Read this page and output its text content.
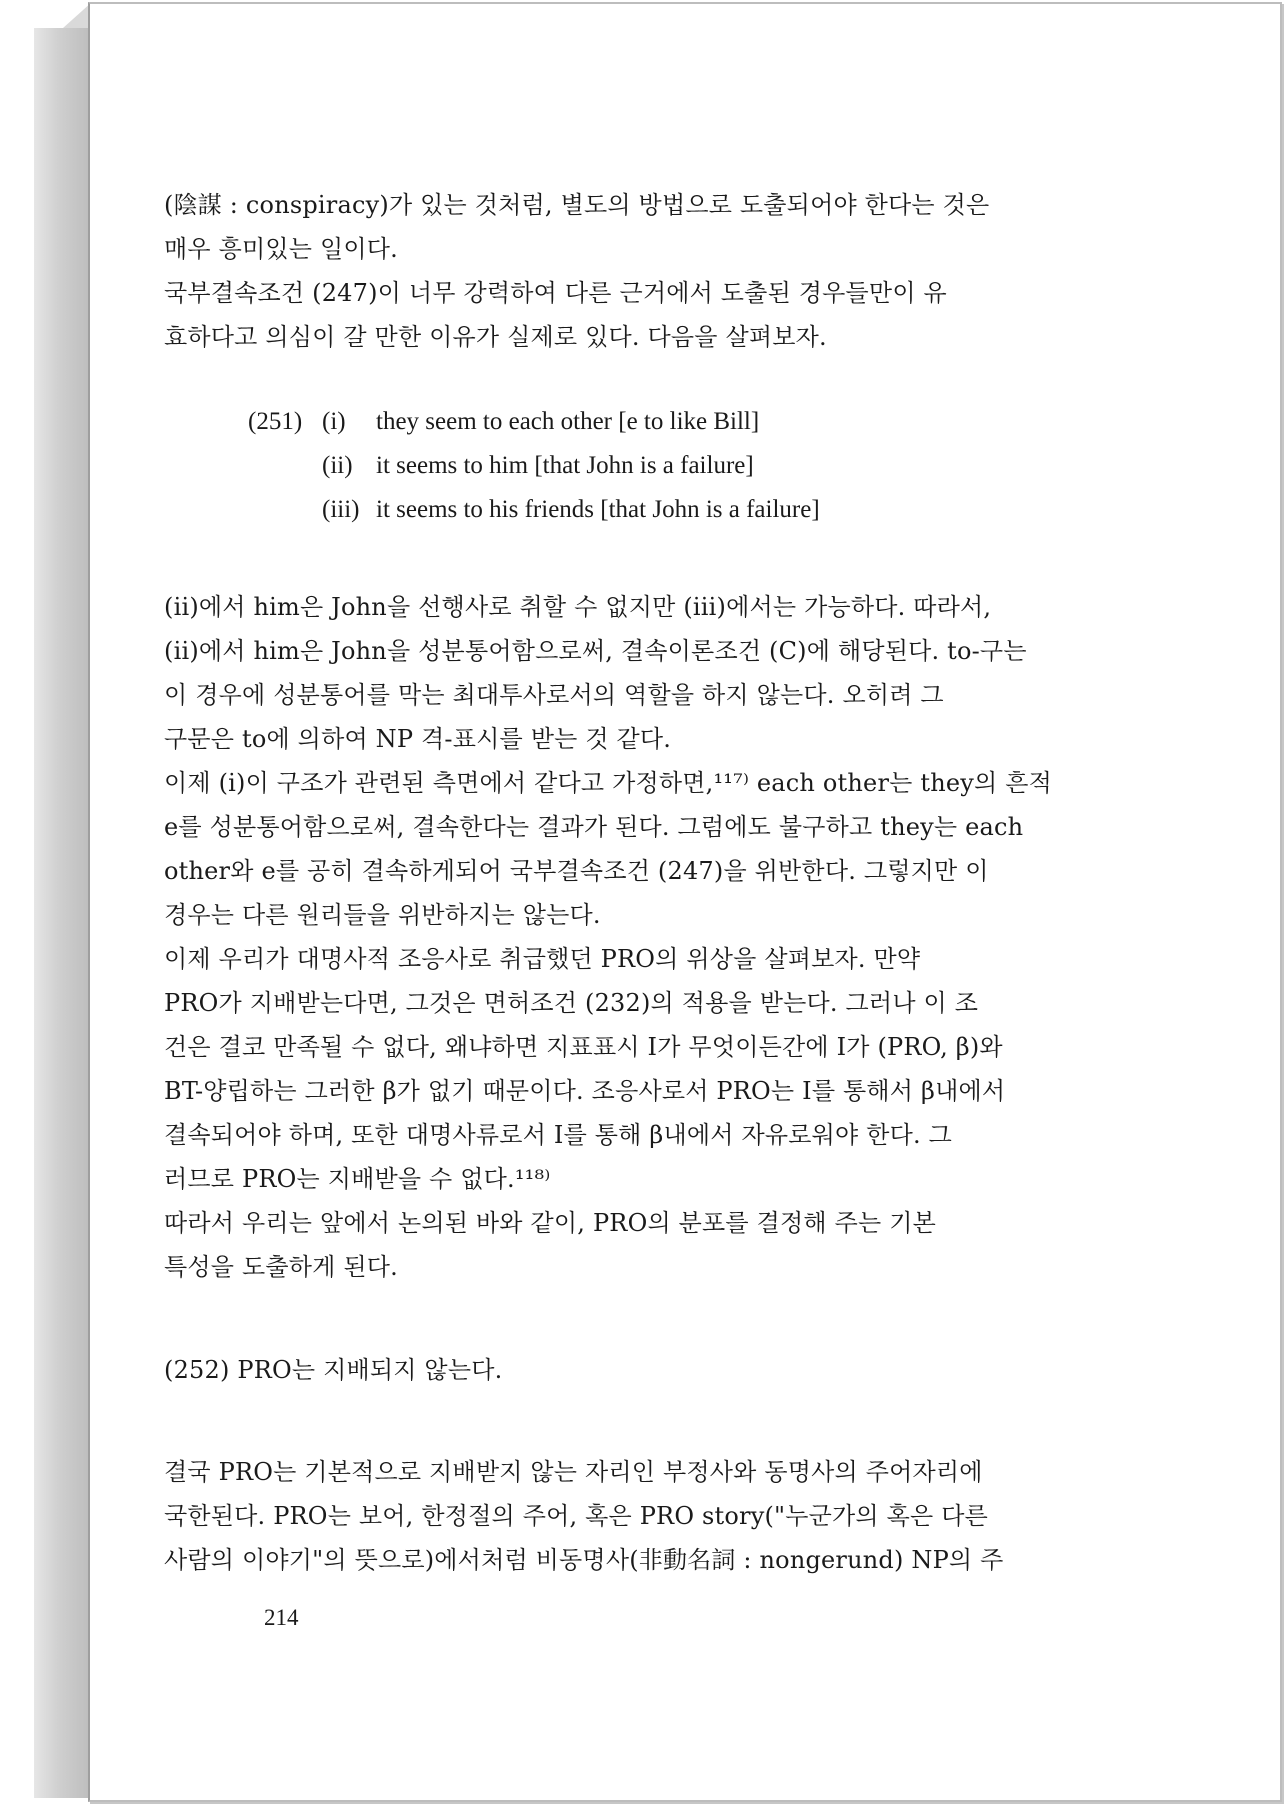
(陰謀 : conspiracy)가 있는 것처럼, 별도의 방법으로 도출되어야 한다는 것은
매우 흥미있는 일이다.
국부결속조건 (247)이 너무 강력하여 다른 근거에서 도출된 경우들만이 유
효하다고 의심이 갈 만한 이유가 실제로 있다. 다음을 살펴보자.
(ii)에서 him은 John을 선행사로 취할 수 없지만 (iii)에서는 가능하다. 따라서,
(ii)에서 him은 John을 성분통어함으로써, 결속이론조건 (C)에 해당된다. to-구는
이 경우에 성분통어를 막는 최대투사로서의 역할을 하지 않는다. 오히려 그
구문은 to에 의하여 NP 격-표시를 받는 것 같다.
이제 (i)이 구조가 관련된 측면에서 같다고 가정하면,¹¹⁷⁾ each other는 they의 흔적
e를 성분통어함으로써, 결속한다는 결과가 된다. 그럼에도 불구하고 they는 each
other와 e를 공히 결속하게되어 국부결속조건 (247)을 위반한다. 그렇지만 이
경우는 다른 원리들을 위반하지는 않는다.
이제 우리가 대명사적 조응사로 취급했던 PRO의 위상을 살펴보자. 만약
PRO가 지배받는다면, 그것은 면허조건 (232)의 적용을 받는다. 그러나 이 조
건은 결코 만족될 수 없다, 왜냐하면 지표표시 I가 무엇이든간에 I가 (PRO, β)와
BT-양립하는 그러한 β가 없기 때문이다. 조응사로서 PRO는 I를 통해서 β내에서
결속되어야 하며, 또한 대명사류로서 I를 통해 β내에서 자유로워야 한다. 그
러므로 PRO는 지배받을 수 없다.¹¹⁸⁾
따라서 우리는 앞에서 논의된 바와 같이, PRO의 분포를 결정해 주는 기본
특성을 도출하게 된다.
(252) PRO는 지배되지 않는다.
결국 PRO는 기본적으로 지배받지 않는 자리인 부정사와 동명사의 주어자리에
국한된다. PRO는 보어, 한정절의 주어, 혹은 PRO story("누군가의 혹은 다른
사람의 이야기"의 뜻으로)에서처럼 비동명사(非動名詞 : nongerund) NP의 주
(251) (i) they seem to each other [e to like Bill]
(ii) it seems to him [that John is a failure]
(iii) it seems to his friends [that John is a failure]
214
